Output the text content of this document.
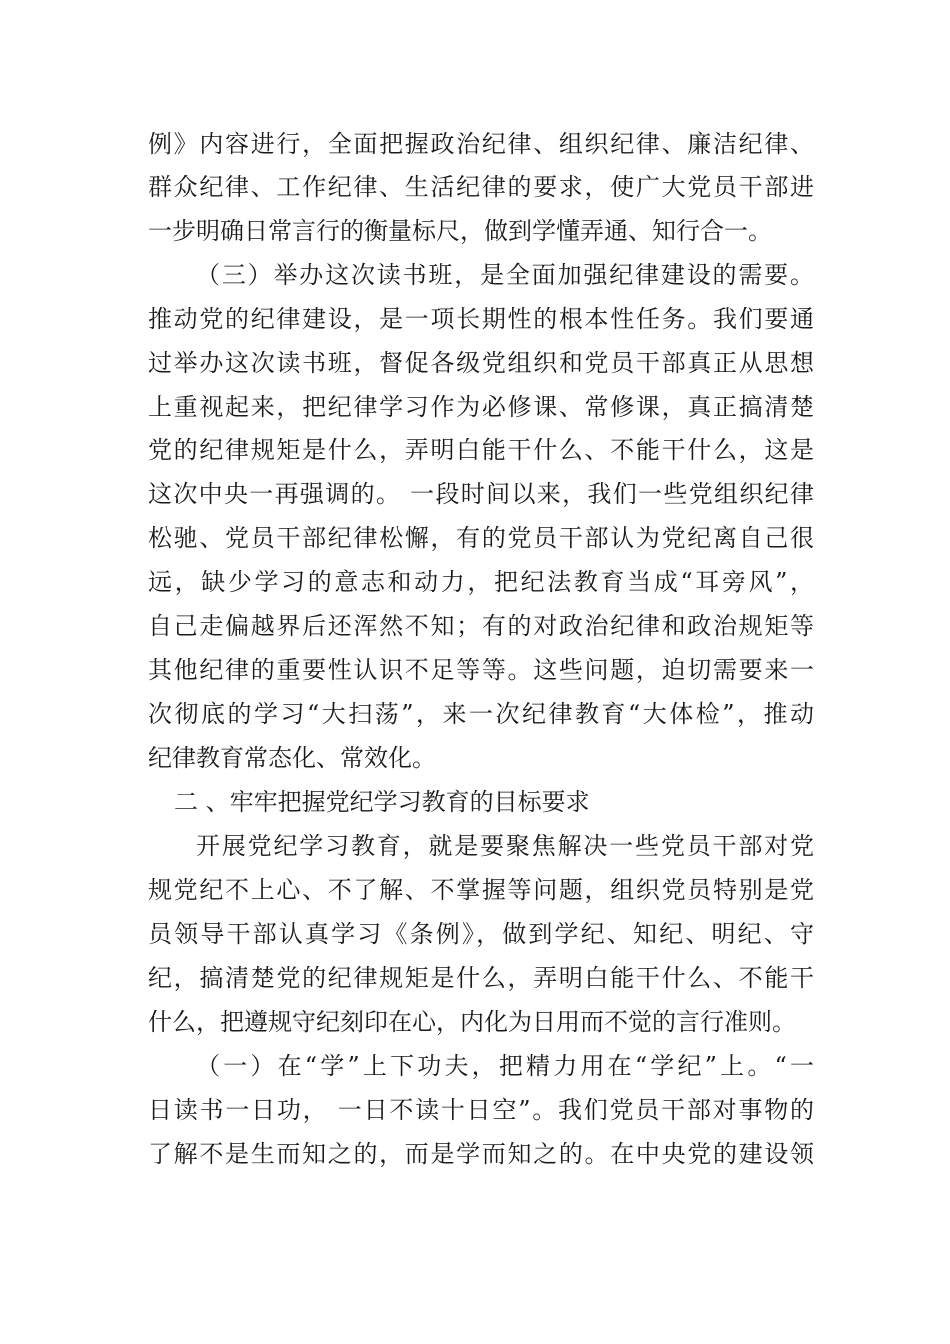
例》内容进行，全面把握政治纪律、组织纪律、廉洁纪律、
群众纪律、工作纪律、生活纪律的要求，使广大党员干部进
一步明确日常言行的衡量标尺，做到学懂弄通、知行合一。
（三）举办这次读书班，是全面加强纪律建设的需要。
推动党的纪律建设，是一项长期性的根本性任务。我们要通
过举办这次读书班，督促各级党组织和党员干部真正从思想
上重视起来，把纪律学习作为必修课、常修课，真正搞清楚
党的纪律规矩是什么，弄明白能干什么、不能干什么，这是
这次中央一再强调的。 一段时间以来，我们一些党组织纪律
松驰、党员干部纪律松懈，有的党员干部认为党纪离自己很
远，缺少学习的意志和动力，把纪法教育当成“耳旁风”，
自己走偏越界后还浑然不知；有的对政治纪律和政治规矩等
其他纪律的重要性认识不足等等。这些问题，迫切需要来一
次彻底的学习“大扫荡”，来一次纪律教育“大体检”，推动
纪律教育常态化、常效化。
二 、牢牢把握党纪学习教育的目标要求
开展党纪学习教育，就是要聚焦解决一些党员干部对党
规党纪不上心、不了解、不掌握等问题，组织党员特别是党
员领导干部认真学习《条例》，做到学纪、知纪、明纪、守
纪，搞清楚党的纪律规矩是什么，弄明白能干什么、不能干
什么，把遵规守纪刻印在心，内化为日用而不觉的言行准则。
（一）在“学”上下功夫，把精力用在“学纪”上。“一
日读书一日功， 一日不读十日空”。我们党员干部对事物的
了解不是生而知之的，而是学而知之的。在中央党的建设领
